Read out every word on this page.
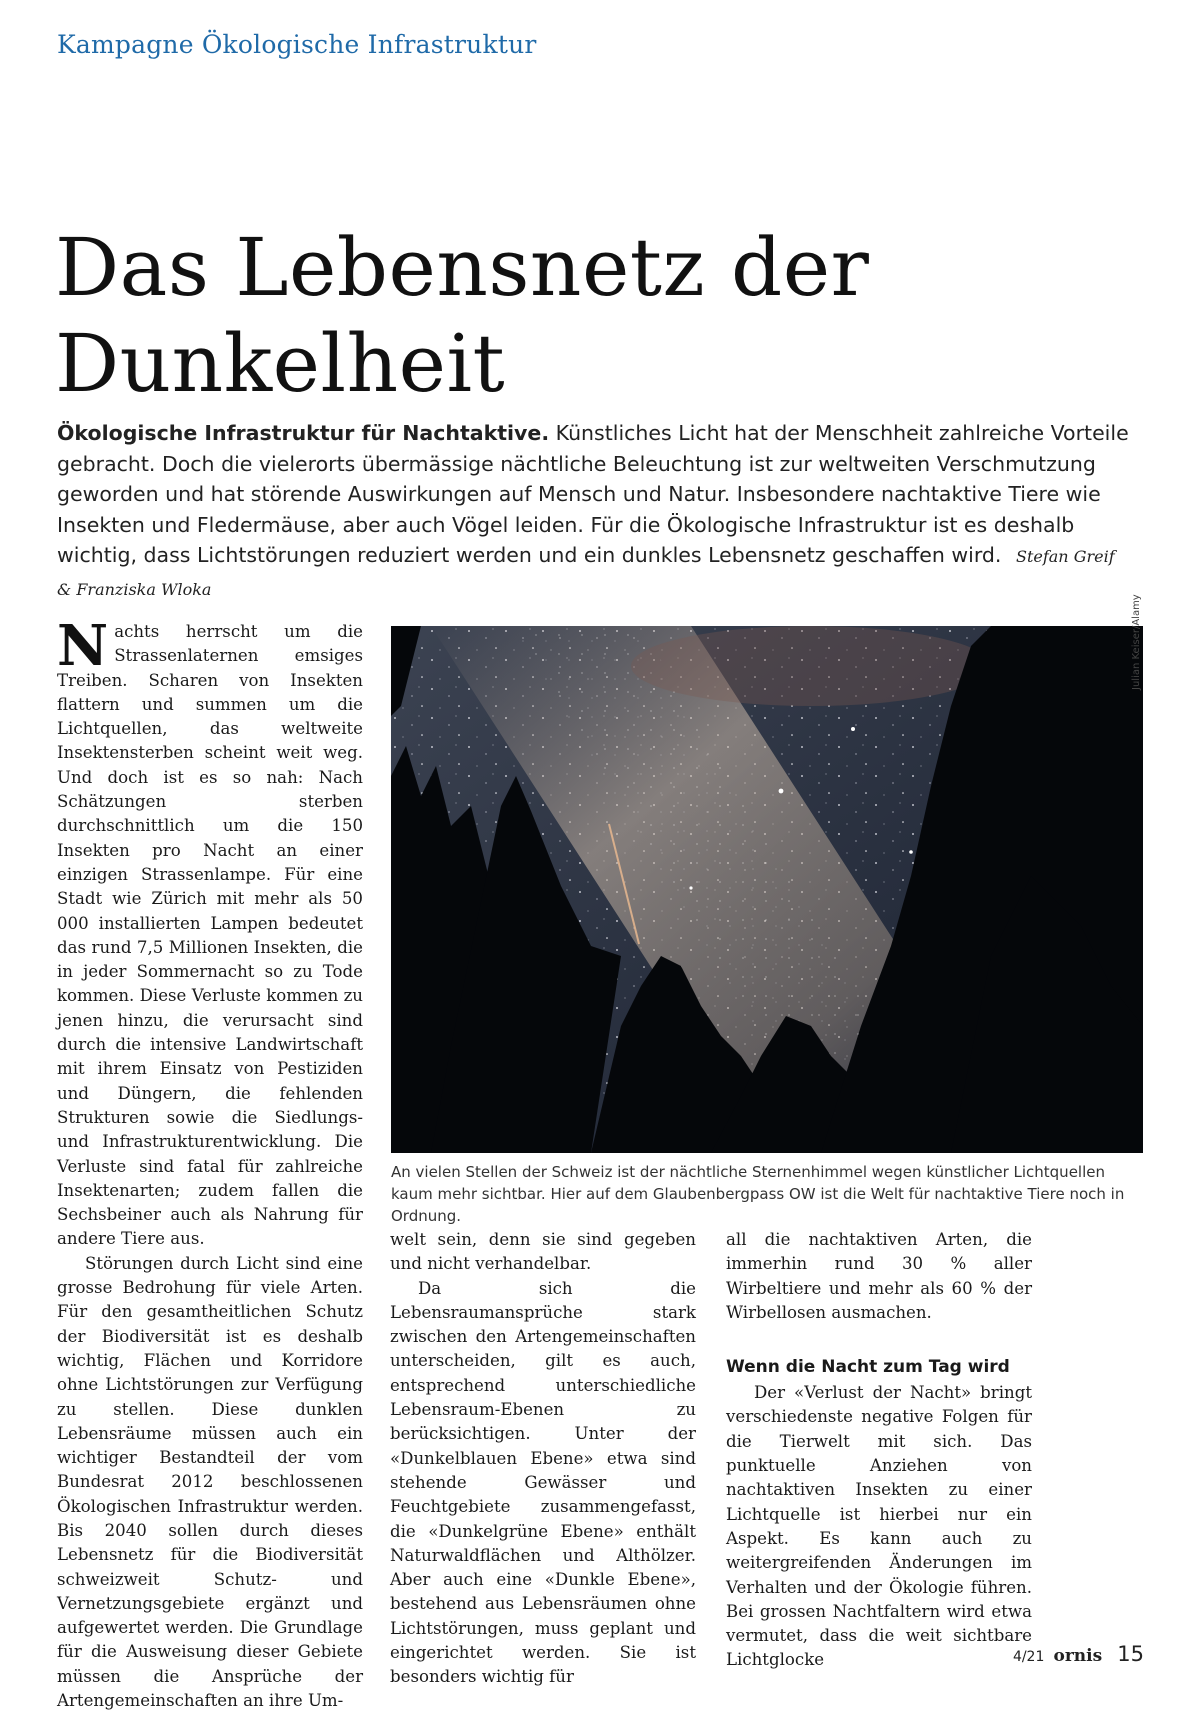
Kampagne Ökologische Infrastruktur
Das Lebensnetz der
Dunkelheit
Ökologische Infrastruktur für Nachtaktive. Künstliches Licht hat der Menschheit zahlreiche Vorteile gebracht. Doch die vielerorts übermässige nächtliche Beleuchtung ist zur weltweiten Verschmutzung geworden und hat störende Auswirkungen auf Mensch und Natur. Insbesondere nachtaktive Tiere wie Insekten und Fledermäuse, aber auch Vögel leiden. Für die Ökologische Infrastruktur ist es deshalb wichtig, dass Lichtstörungen reduziert werden und ein dunkles Lebensnetz geschaffen wird. Stefan Greif & Franziska Wloka

Nachts herrscht um die Strassenlaternen emsiges Treiben. Scharen von Insekten flattern und summen um die Lichtquellen, das weltweite Insektensterben scheint weit weg. Und doch ist es so nah: Nach Schätzungen sterben durchschnittlich um die 150 Insekten pro Nacht an einer einzigen Strassenlampe. Für eine Stadt wie Zürich mit mehr als 50 000 installierten Lampen bedeutet das rund 7,5 Millionen Insekten, die in jeder Sommernacht so zu Tode kommen. Diese Verluste kommen zu jenen hinzu, die verursacht sind durch die intensive Landwirtschaft mit ihrem Einsatz von Pestiziden und Düngern, die fehlenden Strukturen sowie die Siedlungs- und Infrastrukturentwicklung. Die Verluste sind fatal für zahlreiche Insektenarten; zudem fallen die Sechsbeiner auch als Nahrung für andere Tiere aus.

Störungen durch Licht sind eine grosse Bedrohung für viele Arten. Für den gesamtheitlichen Schutz der Biodiversität ist es deshalb wichtig, Flächen und Korridore ohne Lichtstörungen zur Verfügung zu stellen. Diese dunklen Lebensräume müssen auch ein wichtiger Bestandteil der vom Bundesrat 2012 beschlossenen Ökologischen Infrastruktur werden. Bis 2040 sollen durch dieses Lebensnetz für die Biodiversität schweizweit Schutz- und Vernetzungsgebiete ergänzt und aufgewertet werden. Die Grundlage für die Ausweisung dieser Gebiete müssen die Ansprüche der Artengemeinschaften an ihre Um-

Julian Keiser/Alamy
An vielen Stellen der Schweiz ist der nächtliche Sternenhimmel wegen künstlicher Lichtquellen kaum mehr sichtbar. Hier auf dem Glaubenbergpass OW ist die Welt für nachtaktive Tiere noch in Ordnung.

welt sein, denn sie sind gegeben und nicht verhandelbar.

Da sich die Lebensraumansprüche stark zwischen den Artengemeinschaften unterscheiden, gilt es auch, entsprechend unterschiedliche Lebensraum-Ebenen zu berücksichtigen. Unter der «Dunkelblauen Ebene» etwa sind stehende Gewässer und Feuchtgebiete zusammengefasst, die «Dunkelgrüne Ebene» enthält Naturwaldflächen und Althölzer. Aber auch eine «Dunkle Ebene», bestehend aus Lebensräumen ohne Lichtstörungen, muss geplant und eingerichtet werden. Sie ist besonders wichtig für

all die nachtaktiven Arten, die immerhin rund 30 % aller Wirbeltiere und mehr als 60 % der Wirbellosen ausmachen.

Wenn die Nacht zum Tag wird

Der «Verlust der Nacht» bringt verschiedenste negative Folgen für die Tierwelt mit sich. Das punktuelle Anziehen von nachtaktiven Insekten zu einer Lichtquelle ist hierbei nur ein Aspekt. Es kann auch zu weitergreifenden Änderungen im Verhalten und der Ökologie führen. Bei grossen Nachtfaltern wird etwa vermutet, dass die weit sichtbare Lichtglocke	4/21 ornis 15
